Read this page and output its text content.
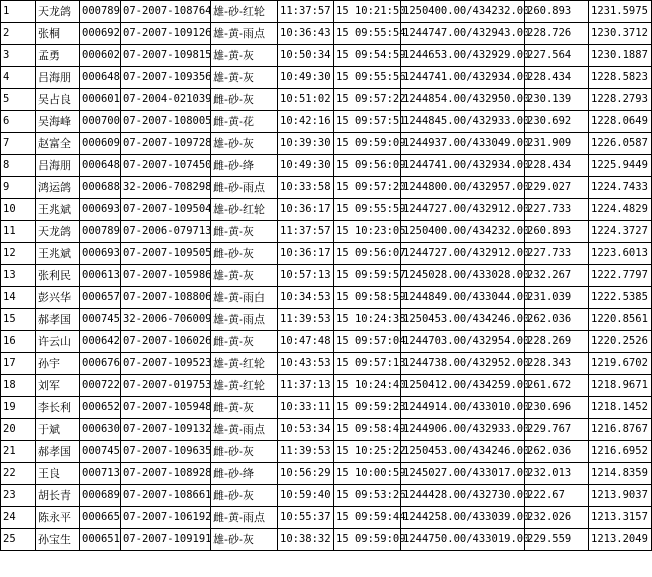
1	天龙鸽	000789	07-2007-108764	雄-砂-红轮	11:37:57	15 10:21:50	1250400.00/434232.00	260.893	1231.5975
2	张桐	000692	07-2007-109126	雄-黄-雨点	10:36:43	15 09:55:54	1244747.00/432943.00	228.726	1230.3712
3	孟勇	000602	07-2007-109815	雄-黄-灰	10:50:34	15 09:54:59	1244653.00/432929.00	227.564	1230.1887
4	吕海朋	000648	07-2007-109356	雄-黄-灰	10:49:30	15 09:55:56	1244741.00/432934.00	228.434	1228.5823
5	吴占良	000601	07-2004-021039	雌-砂-灰	10:51:02	15 09:57:22	1244854.00/432950.00	230.139	1228.2793
6	吴海峰	000700	07-2007-108005	雌-黄-花	10:42:16	15 09:57:51	1244845.00/432933.00	230.692	1228.0649
7	赵富全	000609	07-2007-109728	雄-砂-灰	10:39:30	15 09:59:09	1244937.00/433049.00	231.909	1226.0587
8	吕海朋	000648	07-2007-107450	雌-砂-绛	10:49:30	15 09:56:09	1244741.00/432934.00	228.434	1225.9449
9	鸿运鸽	000688	32-2006-708298	雌-砂-雨点	10:33:58	15 09:57:20	1244800.00/432957.00	229.027	1224.7433
10	王兆斌	000693	07-2007-109504	雄-砂-红轮	10:36:17	15 09:55:59	1244727.00/432912.00	227.733	1224.4829
11	天龙鸽	000789	07-2006-079713	雌-黄-灰	11:37:57	15 10:23:05	1250400.00/434232.00	260.893	1224.3727
12	王兆斌	000693	07-2007-109505	雌-砂-灰	10:36:17	15 09:56:07	1244727.00/432912.00	227.733	1223.6013
13	张利民	000613	07-2007-105986	雄-黄-灰	10:57:13	15 09:59:57	1245028.00/433028.00	232.267	1222.7797
14	彭兴华	000657	07-2007-108806	雄-黄-雨白	10:34:53	15 09:58:59	1244849.00/433044.00	231.039	1222.5385
15	郝孝国	000745	32-2006-706009	雄-黄-雨点	11:39:53	15 10:24:38	1250453.00/434246.00	262.036	1220.8561
16	许云山	000642	07-2007-106026	雌-黄-灰	10:47:48	15 09:57:04	1244703.00/432954.00	228.269	1220.2526
17	孙宇	000676	07-2007-109523	雄-黄-红轮	10:43:53	15 09:57:13	1244738.00/432952.00	228.343	1219.6702
18	刘军	000722	07-2007-019753	雄-黄-红轮	11:37:13	15 10:24:40	1250412.00/434259.00	261.672	1218.9671
19	李长利	000652	07-2007-105948	雌-黄-灰	10:33:11	15 09:59:23	1244914.00/433010.00	230.696	1218.1452
20	于斌	000630	07-2007-109132	雄-黄-雨点	10:53:34	15 09:58:49	1244906.00/432933.00	229.767	1216.8767
21	郝孝国	000745	07-2007-109635	雌-砂-灰	11:39:53	15 10:25:22	1250453.00/434246.00	262.036	1216.6952
22	王良	000713	07-2007-108928	雌-砂-绛	10:56:29	15 10:00:59	1245027.00/433017.00	232.013	1214.8359
23	胡长青	000689	07-2007-108661	雌-砂-灰	10:59:40	15 09:53:26	1244428.00/432730.00	222.67	1213.9037
24	陈永平	000665	07-2007-106192	雌-黄-雨点	10:55:37	15 09:59:44	1244258.00/433039.00	232.026	1213.3157
25	孙宝生	000651	07-2007-109191	雄-砂-灰	10:38:32	15 09:59:09	1244750.00/433019.00	229.559	1213.2049
